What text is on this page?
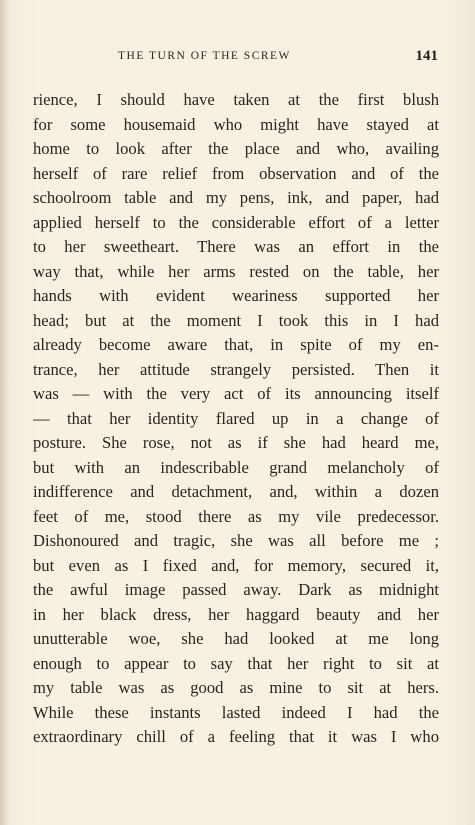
THE TURN OF THE SCREW	141
rience, I should have taken at the first blush
for some housemaid who might have stayed at
home to look after the place and who, availing
herself of rare relief from observation and of the
schoolroom table and my pens, ink, and paper, had
applied herself to the considerable effort of a letter
to her sweetheart. There was an effort in the
way that, while her arms rested on the table, her
hands with evident weariness supported her
head; but at the moment I took this in I had
already become aware that, in spite of my en-
trance, her attitude strangely persisted. Then it
was — with the very act of its announcing itself
— that her identity flared up in a change of
posture. She rose, not as if she had heard me,
but with an indescribable grand melancholy of
indifference and detachment, and, within a dozen
feet of me, stood there as my vile predecessor.
Dishonoured and tragic, she was all before me ;
but even as I fixed and, for memory, secured it,
the awful image passed away. Dark as midnight
in her black dress, her haggard beauty and her
unutterable woe, she had looked at me long
enough to appear to say that her right to sit at
my table was as good as mine to sit at hers.
While these instants lasted indeed I had the
extraordinary chill of a feeling that it was I who
